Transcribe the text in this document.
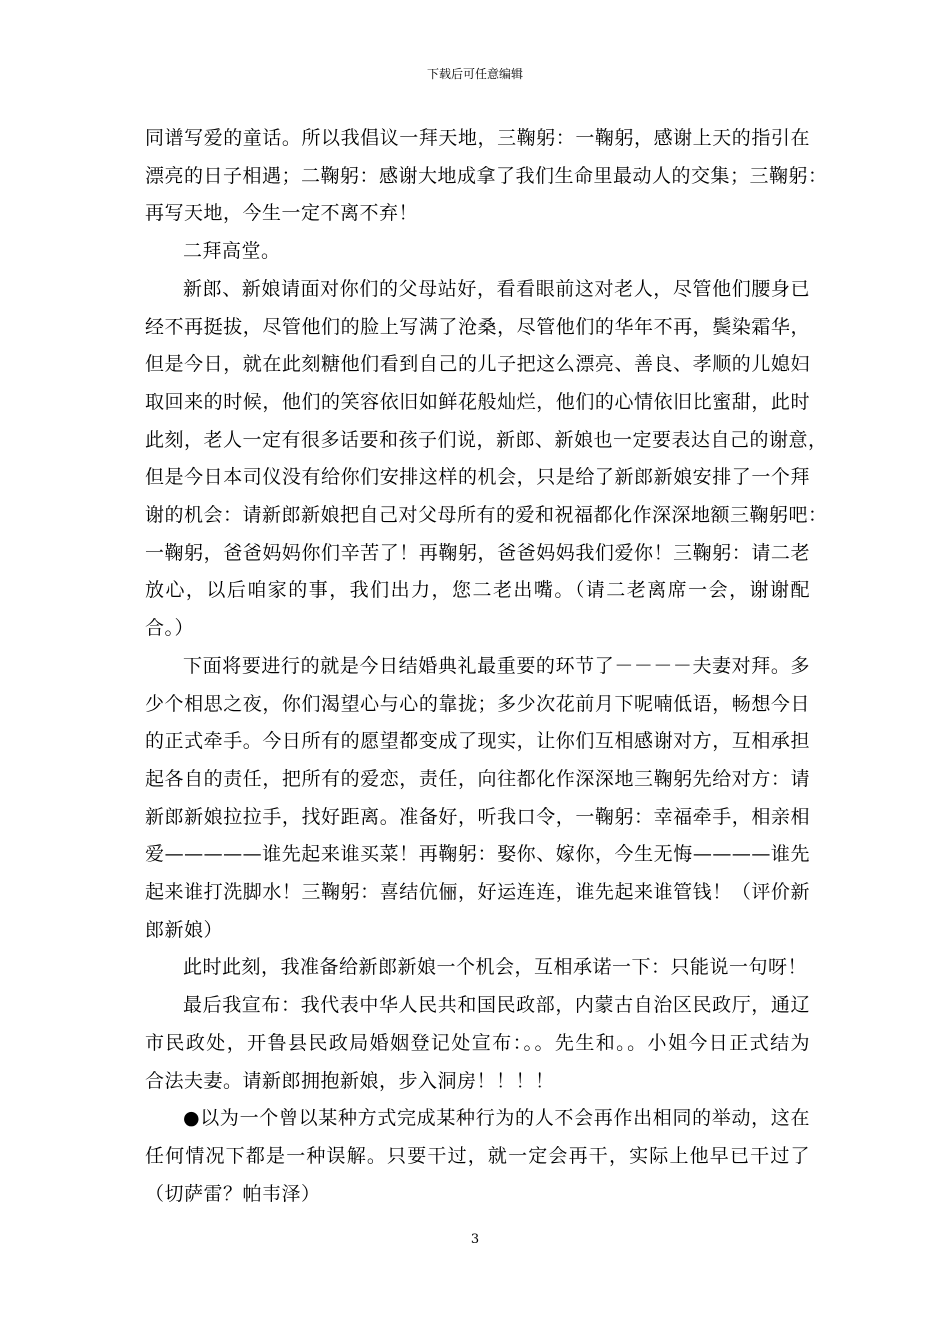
下载后可任意编辑
同谱写爱的童话。所以我倡议一拜天地，三鞠躬：一鞠躬，感谢上天的指引在
漂亮的日子相遇；二鞠躬：感谢大地成拿了我们生命里最动人的交集；三鞠躬：
再写天地，今生一定不离不弃！
二拜高堂。
新郎、新娘请面对你们的父母站好，看看眼前这对老人，尽管他们腰身已
经不再挺拔，尽管他们的脸上写满了沧桑，尽管他们的华年不再，鬓染霜华，
但是今日，就在此刻糖他们看到自己的儿子把这么漂亮、善良、孝顺的儿媳妇
取回来的时候，他们的笑容依旧如鲜花般灿烂，他们的心情依旧比蜜甜，此时
此刻，老人一定有很多话要和孩子们说，新郎、新娘也一定要表达自己的谢意，
但是今日本司仪没有给你们安排这样的机会，只是给了新郎新娘安排了一个拜
谢的机会：请新郎新娘把自己对父母所有的爱和祝福都化作深深地额三鞠躬吧：
一鞠躬，爸爸妈妈你们辛苦了！再鞠躬，爸爸妈妈我们爱你！三鞠躬：请二老
放心，以后咱家的事，我们出力，您二老出嘴。（请二老离席一会，谢谢配
合。）
下面将要进行的就是今日结婚典礼最重要的环节了－－－－夫妻对拜。多
少个相思之夜，你们渴望心与心的靠拢；多少次花前月下呢喃低语，畅想今日
的正式牵手。今日所有的愿望都变成了现实，让你们互相感谢对方，互相承担
起各自的责任，把所有的爱恋，责任，向往都化作深深地三鞠躬先给对方：请
新郎新娘拉拉手，找好距离。准备好，听我口令，一鞠躬：幸福牵手，相亲相
爱—————谁先起来谁买菜！再鞠躬：娶你、嫁你，今生无悔————谁先
起来谁打洗脚水！三鞠躬：喜结伉俪，好运连连，谁先起来谁管钱！（评价新
郎新娘）
此时此刻，我准备给新郎新娘一个机会，互相承诺一下：只能说一句呀！
最后我宣布：我代表中华人民共和国民政部，内蒙古自治区民政厅，通辽
市民政处，开鲁县民政局婚姻登记处宣布：。。先生和。。小姐今日正式结为
合法夫妻。请新郎拥抱新娘，步入洞房！！！！
●以为一个曾以某种方式完成某种行为的人不会再作出相同的举动，这在
任何情况下都是一种误解。只要干过，就一定会再干，实际上他早已干过了
（切萨雷？帕韦泽）
3
